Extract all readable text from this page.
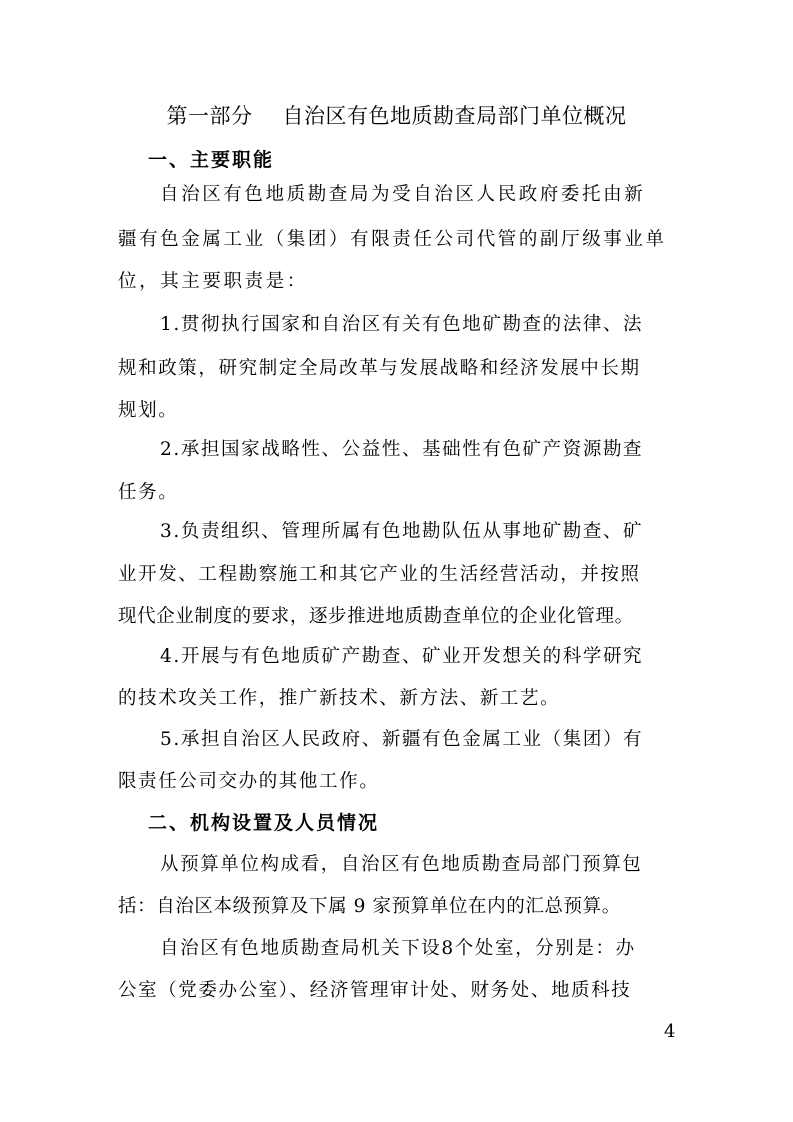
第一部分 自治区有色地质勘查局部门单位概况
一、主要职能
自治区有色地质勘查局为受自治区人民政府委托由新
疆有色金属工业（集团）有限责任公司代管的副厅级事业单
位，其主要职责是：
1.贯彻执行国家和自治区有关有色地矿勘查的法律、法
规和政策，研究制定全局改革与发展战略和经济发展中长期
规划。
2.承担国家战略性、公益性、基础性有色矿产资源勘查
任务。
3.负责组织、管理所属有色地勘队伍从事地矿勘查、矿
业开发、工程勘察施工和其它产业的生活经营活动，并按照
现代企业制度的要求，逐步推进地质勘查单位的企业化管理。
4.开展与有色地质矿产勘查、矿业开发想关的科学研究
的技术攻关工作，推广新技术、新方法、新工艺。
5.承担自治区人民政府、新疆有色金属工业（集团）有
限责任公司交办的其他工作。
二、机构设置及人员情况
从预算单位构成看，自治区有色地质勘查局部门预算包
括：自治区本级预算及下属 9 家预算单位在内的汇总预算。
自治区有色地质勘查局机关下设8个处室，分别是：办
公室（党委办公室）、经济管理审计处、财务处、地质科技
4
